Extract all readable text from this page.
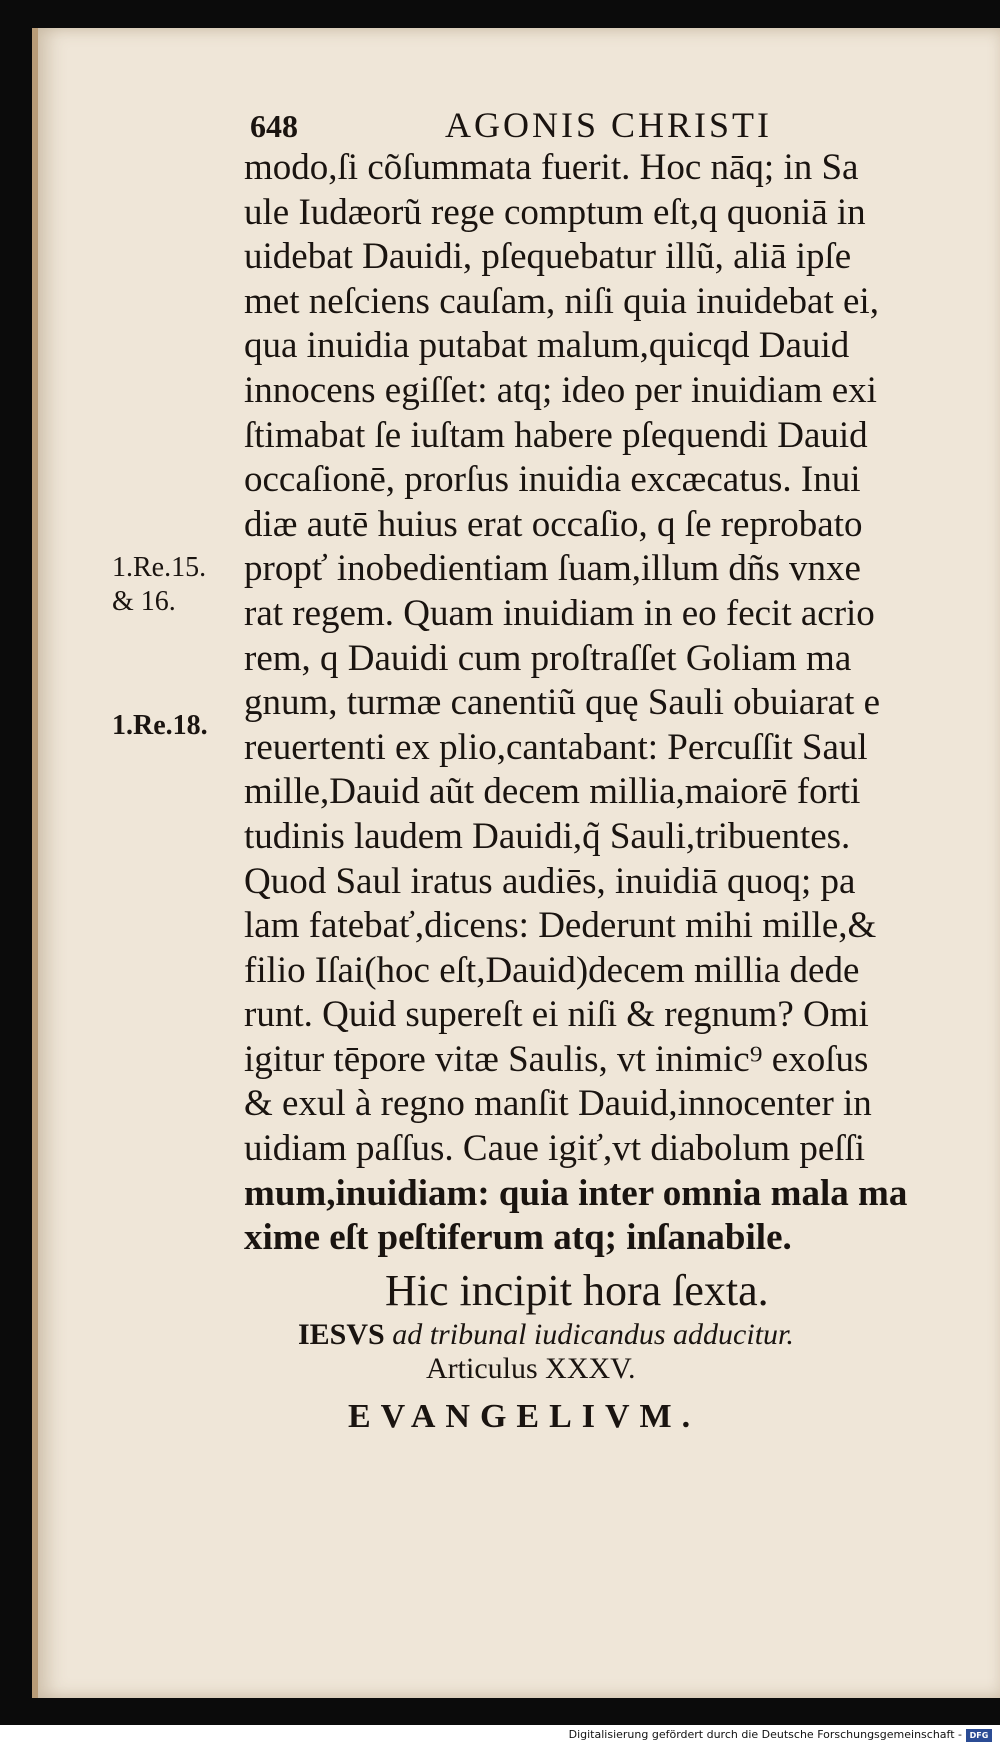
648	AGONIS CHRISTI
1.Re.15.
& 16.
1.Re.18.
modo,ſi cõſummata fuerit. Hoc nāq; in Sa
ule Iudæorũ rege comptum eſt,q quoniā in
uidebat Dauidi, pſequebatur illũ, aliā ipſe
met neſciens cauſam, niſi quia inuidebat ei,
qua inuidia putabat malum,quicqd Dauid
innocens egiſſet: atq; ideo per inuidiam exi
ſtimabat ſe iuſtam habere pſequendi Dauid
occaſionē, prorſus inuidia excæcatus. Inui
diæ autē huius erat occaſio, q ſe reprobato
propť inobedientiam ſuam,illum dñs vnxe
rat regem. Quam inuidiam in eo fecit acrio
rem, q Dauidi cum proſtraſſet Goliam ma
gnum, turmæ canentiũ quę Sauli obuiarat e
reuertenti ex plio,cantabant: Percuſſit Saul
mille,Dauid aũt decem millia,maiorē forti
tudinis laudem Dauidi,q̃ Sauli,tribuentes.
Quod Saul iratus audiēs, inuidiā quoq; pa
lam fatebať,dicens: Dederunt mihi mille,&
filio Iſai(hoc eſt,Dauid)decem millia dede
runt. Quid supereſt ei niſi & regnum? Omi
igitur tēpore vitæ Saulis, vt inimic⁹ exoſus
& exul à regno manſit Dauid,innocenter in
uidiam paſſus. Caue igiť,vt diabolum peſſi
mum,inuidiam: quia inter omnia mala ma
xime eſt peſtiferum atq; inſanabile.
Hic incipit hora ſexta.
IESVS ad tribunal iudicandus adducitur.
Articulus XXXV.
EVANGELIVM.
Digitalisierung gefördert durch die Deutsche Forschungsgemeinschaft - DFG
